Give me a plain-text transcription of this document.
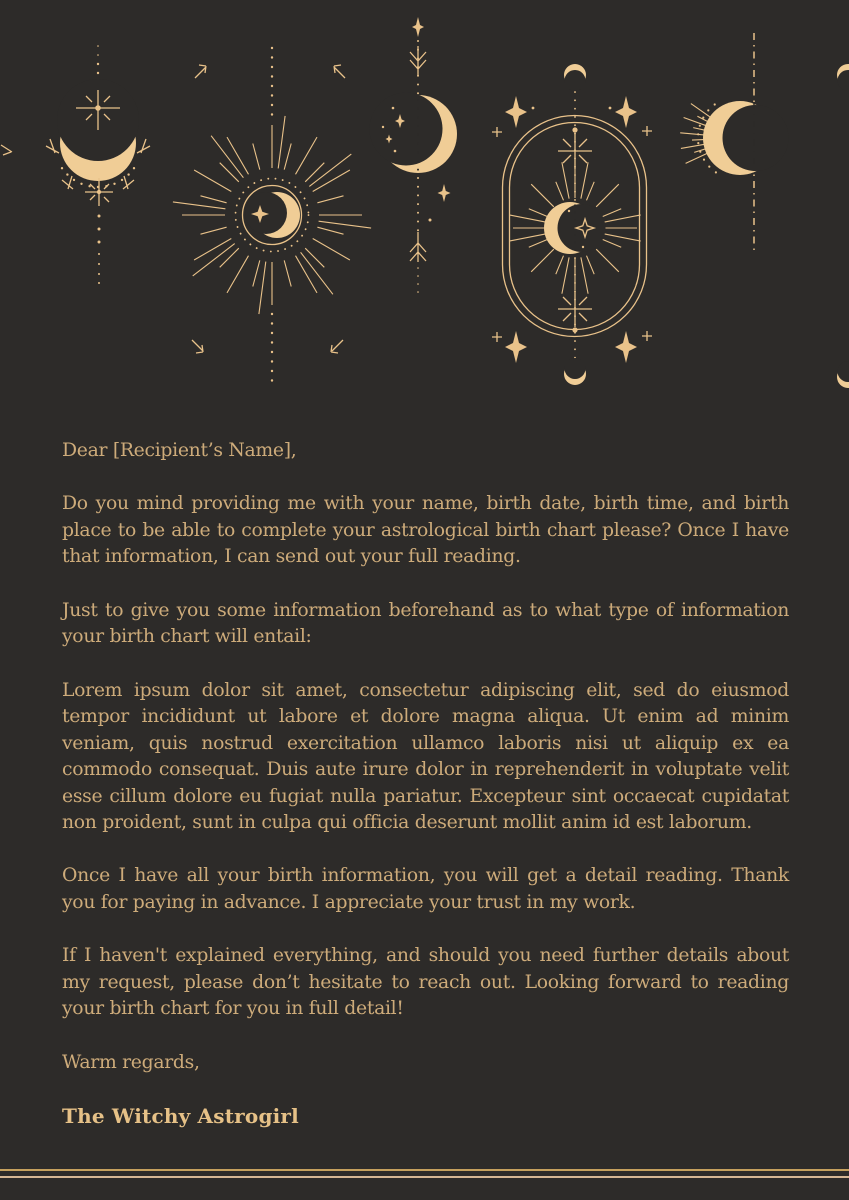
Dear [Recipient’s Name],

Do you mind providing me with your name, birth date, birth time, and birth place to be able to complete your astrological birth chart please? Once I have that information, I can send out your full reading.

Just to give you some information beforehand as to what type of information your birth chart will entail:

Lorem ipsum dolor sit amet, consectetur adipiscing elit, sed do eiusmod tempor incididunt ut labore et dolore magna aliqua. Ut enim ad minim veniam, quis nostrud exercitation ullamco laboris nisi ut aliquip ex ea commodo consequat. Duis aute irure dolor in reprehenderit in voluptate velit esse cillum dolore eu fugiat nulla pariatur. Excepteur sint occaecat cupidatat non proident, sunt in culpa qui officia deserunt mollit anim id est laborum.

Once I have all your birth information, you will get a detail reading. Thank you for paying in advance. I appreciate your trust in my work.

If I haven't explained everything, and should you need further details about my request, please don’t hesitate to reach out. Looking forward to reading your birth chart for you in full detail!

Warm regards,

The Witchy Astrogirl
